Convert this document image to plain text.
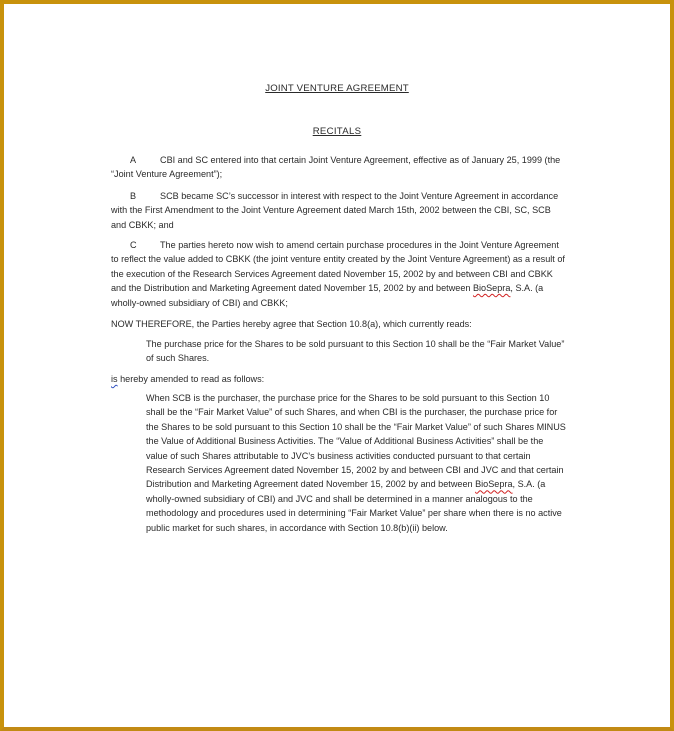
JOINT VENTURE AGREEMENT
RECITALS
A	CBI and SC entered into that certain Joint Venture Agreement, effective as of January 25, 1999 (the “Joint Venture Agreement”);
B	SCB became SC’s successor in interest with respect to the Joint Venture Agreement in accordance with the First Amendment to the Joint Venture Agreement dated March 15th, 2002 between the CBI, SC, SCB and CBKK; and
C	The parties hereto now wish to amend certain purchase procedures in the Joint Venture Agreement to reflect the value added to CBKK (the joint venture entity created by the Joint Venture Agreement) as a result of the execution of the Research Services Agreement dated November 15, 2002 by and between CBI and CBKK and the Distribution and Marketing Agreement dated November 15, 2002 by and between BioSepra, S.A. (a wholly-owned subsidiary of CBI) and CBKK;
NOW THEREFORE, the Parties hereby agree that Section 10.8(a), which currently reads:
The purchase price for the Shares to be sold pursuant to this Section 10 shall be the “Fair Market Value” of such Shares.
is hereby amended to read as follows:
When SCB is the purchaser, the purchase price for the Shares to be sold pursuant to this Section 10 shall be the “Fair Market Value” of such Shares, and when CBI is the purchaser, the purchase price for the Shares to be sold pursuant to this Section 10 shall be the “Fair Market Value” of such Shares MINUS the Value of Additional Business Activities. The “Value of Additional Business Activities” shall be the value of such Shares attributable to JVC’s business activities conducted pursuant to that certain Research Services Agreement dated November 15, 2002 by and between CBI and JVC and that certain Distribution and Marketing Agreement dated November 15, 2002 by and between BioSepra, S.A. (a wholly-owned subsidiary of CBI) and JVC and shall be determined in a manner analogous to the methodology and procedures used in determining “Fair Market Value” per share when there is no active public market for such shares, in accordance with Section 10.8(b)(ii) below.
